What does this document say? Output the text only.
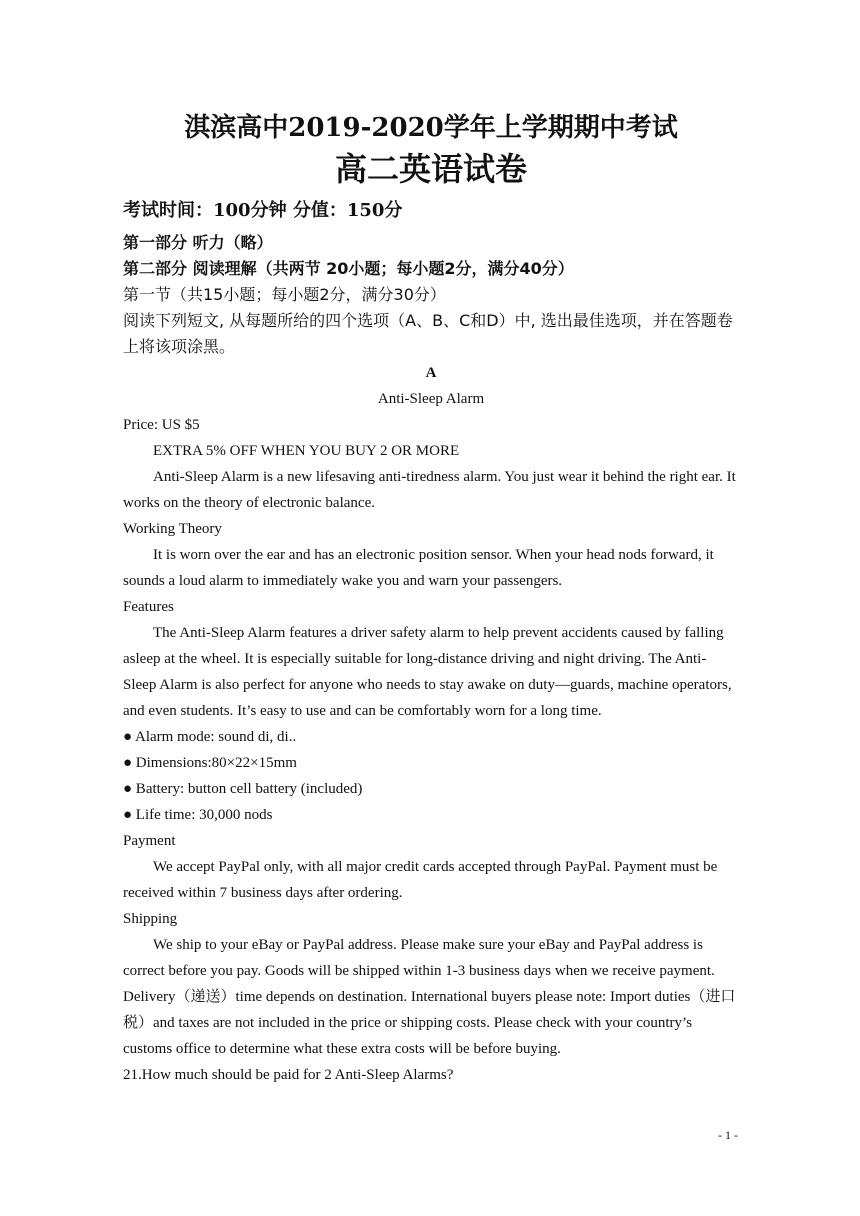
淇滨高中2019-2020学年上学期期中考试
高二英语试卷
考试时间：100分钟 分值：150分
第一部分 听力（略）
第二部分 阅读理解（共两节 20小题；每小题2分，满分40分）
第一节（共15小题；每小题2分，满分30分）
阅读下列短文, 从每题所给的四个选项（A、B、C和D）中, 选出最佳选项，并在答题卷上将该项涂黑。
A
Anti-Sleep Alarm
Price: US $5
EXTRA 5% OFF WHEN YOU BUY 2 OR MORE
Anti-Sleep Alarm is a new lifesaving anti-tiredness alarm. You just wear it behind the right ear. It works on the theory of electronic balance.
Working Theory
It is worn over the ear and has an electronic position sensor. When your head nods forward, it sounds a loud alarm to immediately wake you and warn your passengers.
Features
The Anti-Sleep Alarm features a driver safety alarm to help prevent accidents caused by falling asleep at the wheel. It is especially suitable for long-distance driving and night driving. The Anti-Sleep Alarm is also perfect for anyone who needs to stay awake on duty—guards, machine operators, and even students. It’s easy to use and can be comfortably worn for a long time.
● Alarm mode: sound di, di..
● Dimensions:80×22×15mm
● Battery: button cell battery (included)
● Life time: 30,000 nods
Payment
We accept PayPal only, with all major credit cards accepted through PayPal. Payment must be received within 7 business days after ordering.
Shipping
We ship to your eBay or PayPal address. Please make sure your eBay and PayPal address is correct before you pay. Goods will be shipped within 1-3 business days when we receive payment. Delivery（递送）time depends on destination. International buyers please note: Import duties（进口税）and taxes are not included in the price or shipping costs. Please check with your country’s customs office to determine what these extra costs will be before buying.
21.How much should be paid for 2 Anti-Sleep Alarms?
- 1 -
